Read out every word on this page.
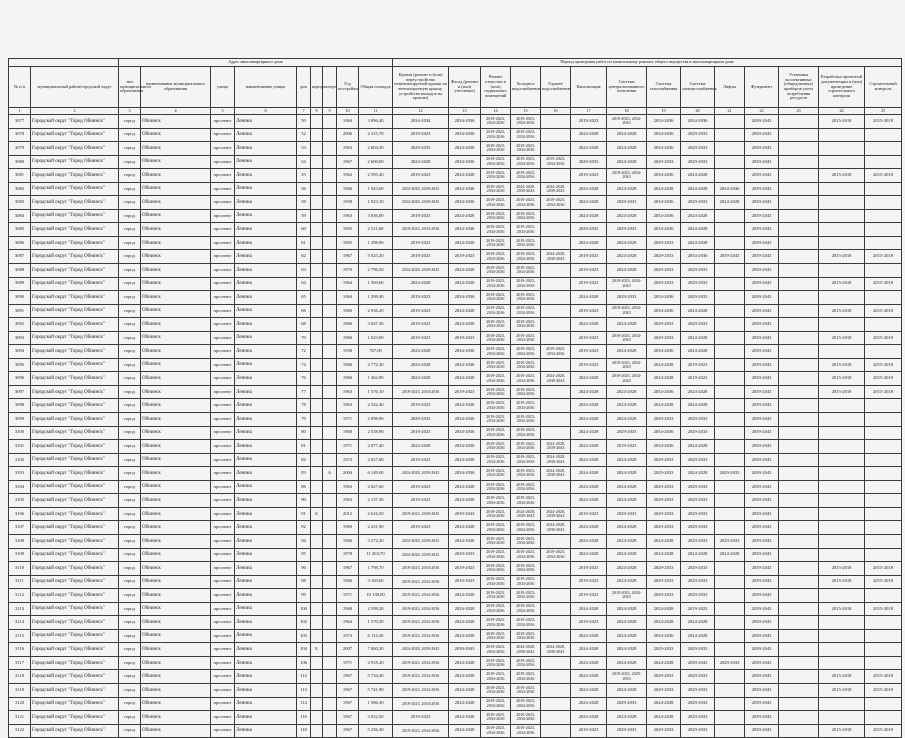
		Адрес многоквартирного дома									Период проведения работ по капитальному ремонту общего имущества в многоквартирном доме													
№ п/п	муниципальный район/городской округ	тип муниципального образования	наименование муниципального образования	улица	наименование улицы	дом	корпус	литера	Год постройки	Общая площадь	Кровля (ремонт и (или) переустройство невентилируемой крыши на вентилируемую крышу, устройство выходов на кровлю)	Фасад (ремонт и (или) утепление)	Ремонт отмостки и (или) подвальных помещений	Холодное водоснабжение	Горячее водоснабжение	Канализация	Система централизованного отопления	Система газоснабжения	Система электроснабжения	Лифты	Фундамент	Установка коллективных (общедомовых) приборов учета потребления ресурсов	Разработка проектной документации и (или) проведение строительного контроля	Строительный контроль
1	2	3	4	5	6	7	8	9	10	11	12	13	14	15	16	17	18	19	20	21	22	23	24	25
3077	Городской округ "Город Обнинск"	город	Обнинск	проспект	Ленина	50			1964	3 096,40	2034-2034	2034-2036	2019-2023, 2034-2036	2019-2023, 2034-2036		2019-2023	2019-2023, 2034-2043	2034-2036	2034-2036		2039-2043		2015-2018	2015-2018
3078	Городской округ "Город Обнинск"	город	Обнинск	проспект	Ленина	52			2006	2 315,70	2019-2023	2034-2036	2019-2023, 2034-2036	2019-2023, 2034-2036		2024-2028	2024-2028	2034-2036	2029-2033		2039-2043			
3079	Городской округ "Город Обнинск"	город	Обнинск	проспект	Ленина	53			1963	2 604,50	2029-2033	2024-2028	2019-2023, 2034-2036	2019-2023, 2034-2036		2024-2028	2024-2028	2034-2036	2029-2033		2039-2043			
3080	Городской округ "Город Обнинск"	город	Обнинск	проспект	Ленина	54			1967	2 600,00	2024-2028	2034-2036	2019-2023, 2034-2036	2019-2023, 2034-2036	2019-2023, 2034-2036	2029-2033	2024-2028	2029-2033	2029-2033		2039-2043			
3081	Городской округ "Город Обнинск"	город	Обнинск	проспект	Ленина	55			1962	2 595,40	2019-2023	2024-2028	2019-2023, 2034-2036	2019-2023, 2034-2036		2019-2023	2019-2023, 2034-2043	2034-2036	2024-2028		2039-2043		2015-2018	2015-2018
3082	Городской округ "Город Обнинск"	город	Обнинск	проспект	Ленина	56			1966	1 943,00	2024-2028, 2039-2043	2034-2036	2019-2023, 2034-2036	2024-2028, 2039-2043	2024-2028, 2039-2043	2024-2028	2024-2028	2024-2028	2024-2028	2034-2036	2039-2043			
3083	Городской округ "Город Обнинск"	город	Обнинск	проспект	Ленина	58			1958	1 923,10	2024-2028, 2039-2043	2034-2036	2019-2023, 2034-2036	2019-2023, 2034-2036	2019-2023, 2034-2036	2024-2028	2029-2033	2034-2036	2029-2033	2024-2028	2039-2043			
3084	Городской округ "Город Обнинск"	город	Обнинск	проспект	Ленина	59			1963	3 036,00	2019-2023	2024-2028	2019-2023, 2034-2036	2019-2023, 2034-2036		2024-2028	2024-2028	2034-2036	2024-2028		2039-2043			
3085	Городской округ "Город Обнинск"	город	Обнинск	проспект	Ленина	60			1965	2 511,60	2019-2023, 2034-2036	2034-2036	2019-2023, 2034-2036	2019-2023, 2034-2036		2029-2033	2029-2033	2034-2036	2024-2028		2039-2043			
3086	Городской округ "Город Обнинск"	город	Обнинск	проспект	Ленина	61			1965	1 298,90	2019-2023	2024-2028	2019-2023, 2034-2036	2019-2023, 2034-2036		2024-2028	2024-2028	2029-2033	2024-2028		2039-2043			
3087	Городской округ "Город Обнинск"	город	Обнинск	проспект	Ленина	62			1967	5 025,20	2019-2023	2019-2023	2019-2023, 2034-2036	2019-2023, 2034-2036	2024-2028, 2039-2043	2019-2023	2024-2028	2029-2033	2034-2036	2039-2043	2039-2043		2015-2018	2015-2018
3088	Городской округ "Город Обнинск"	город	Обнинск	проспект	Ленина	63			1970	2 796,50	2024-2028, 2039-2043	2024-2028	2019-2023, 2034-2036	2019-2023, 2034-2036		2019-2023	2024-2028	2029-2033	2029-2033		2039-2043			
3089	Городской округ "Город Обнинск"	город	Обнинск	проспект	Ленина	64			1964	1 569,60	2024-2028	2024-2028	2019-2023, 2034-2036	2019-2023, 2034-2036		2019-2023	2019-2023, 2034-2043	2029-2033	2029-2033		2039-2043		2015-2018	2015-2018
3090	Городской округ "Город Обнинск"	город	Обнинск	проспект	Ленина	65			1964	1 298,40	2019-2023	2034-2036	2019-2023, 2034-2036	2019-2023, 2034-2036		2024-2028	2029-2033	2034-2036	2029-2033		2039-2043			
3091	Городской округ "Город Обнинск"	город	Обнинск	проспект	Ленина	66			1960	2 936,20	2019-2023	2024-2028	2019-2023, 2034-2036	2019-2023, 2034-2036		2019-2023	2019-2023, 2034-2043	2034-2036	2024-2028		2039-2043		2015-2018	2015-2018
3092	Городской округ "Город Обнинск"	город	Обнинск	проспект	Ленина	68			1960	3 047,30	2019-2023	2024-2028	2019-2023, 2034-2036	2019-2023, 2034-2036		2024-2028	2024-2028	2029-2033	2029-2033		2039-2043			
3093	Городской округ "Город Обнинск"	город	Обнинск	проспект	Ленина	70			1960	1 623,00	2019-2023	2019-2023	2019-2023, 2034-2036	2019-2023, 2034-2036		2019-2023	2019-2023, 2034-2043	2029-2033	2024-2028		2039-2043		2015-2018	2015-2018
3094	Городской округ "Город Обнинск"	город	Обнинск	проспект	Ленина	72			1958	767,00	2024-2028	2034-2036	2019-2023, 2034-2036	2019-2023, 2034-2036	2019-2023, 2034-2036	2019-2023	2024-2028	2034-2036	2024-2028		2039-2043			
3095	Городской округ "Город Обнинск"	город	Обнинск	проспект	Ленина	74			1960	2 772,30	2024-2028	2034-2036	2019-2023, 2034-2036	2019-2023, 2034-2036		2019-2023	2019-2023, 2034-2043	2024-2028	2019-2023		2039-2043		2015-2018	2015-2018
3096	Городской округ "Город Обнинск"	город	Обнинск	проспект	Ленина	76			1960	1 362,90	2024-2028	2024-2028	2019-2023, 2034-2036	2019-2023, 2034-2036	2024-2028, 2039-2043	2024-2028	2019-2023, 2034-2043	2024-2028	2019-2023		2039-2043		2015-2018	2015-2018
3097	Городской округ "Город Обнинск"	город	Обнинск	проспект	Ленина	77			1963	1 576,10	2019-2023, 2034-2036	2019-2023	2019-2023, 2034-2036	2019-2023, 2034-2036		2024-2028	2024-2028	2034-2036	2024-2028		2039-2043		2015-2018	2015-2018
3098	Городской округ "Город Обнинск"	город	Обнинск	проспект	Ленина	78			1963	2 542,40	2019-2023	2024-2028	2019-2023, 2034-2036	2019-2023, 2034-2036		2024-2028	2024-2028	2024-2028	2024-2028		2039-2043			
3099	Городской округ "Город Обнинск"	город	Обнинск	проспект	Ленина	79			1971	2 098,90	2029-2033	2034-2036	2019-2023, 2034-2036	2019-2023, 2034-2036		2024-2028	2024-2028	2029-2033	2029-2033		2039-2043			
3100	Городской округ "Город Обнинск"	город	Обнинск	проспект	Ленина	80			1960	2 538,90	2019-2023	2034-2036	2019-2023, 2034-2036	2019-2023, 2034-2036		2024-2028	2029-2033	2034-2036	2029-2033		2039-2043			
3101	Городской округ "Город Обнинск"	город	Обнинск	проспект	Ленина	81			1971	2 077,40	2024-2028	2034-2036	2019-2023, 2034-2036	2019-2023, 2034-2036	2024-2028, 2039-2043	2024-2028	2019-2023	2034-2036	2024-2028		2039-2043			
3102	Городской округ "Город Обнинск"	город	Обнинск	проспект	Ленина	82			1972	2 027,60	2019-2023	2024-2028	2019-2023, 2034-2036	2019-2023, 2034-2036	2024-2028, 2039-2043	2024-2028	2024-2028	2029-2033	2029-2033		2039-2043			
3103	Городской округ "Город Обнинск"	город	Обнинск	проспект	Ленина	83		А	2004	6 149,00	2024-2028, 2039-2043	2034-2036	2019-2023, 2034-2036	2019-2023, 2034-2036	2024-2028, 2039-2043	2024-2028	2024-2028	2029-2033	2024-2028	2029-2033	2039-2043			
3104	Городской округ "Город Обнинск"	город	Обнинск	проспект	Ленина	86			1963	2 027,60	2019-2023	2024-2028	2019-2023, 2034-2036	2019-2023, 2034-2036		2024-2028	2024-2028	2029-2033	2029-2033		2039-2043			
3105	Городской округ "Город Обнинск"	город	Обнинск	проспект	Ленина	90			1963	2 137,30	2019-2023	2024-2028	2019-2023, 2034-2036	2019-2023, 2034-2036		2024-2028	2024-2028	2029-2033	2029-2033		2039-2043			
3106	Городской округ "Город Обнинск"	город	Обнинск	проспект	Ленина	91	Б		2012	2 616,50	2019-2023, 2039-2043	2039-2043	2019-2023, 2034-2036	2024-2028, 2039-2043	2024-2028, 2039-2043	2019-2023	2029-2033	2029-2033	2029-2033		2039-2043			
3107	Городской округ "Город Обнинск"	город	Обнинск	проспект	Ленина	92			1969	2 231,90	2019-2023	2024-2028	2019-2023, 2034-2036	2019-2023, 2034-2036	2024-2028, 2039-2043	2024-2028	2024-2028	2029-2033	2029-2033		2039-2043			
3108	Городской округ "Город Обнинск"	город	Обнинск	проспект	Ленина	94			1966	3 272,20	2024-2028, 2039-2043	2024-2028	2019-2023, 2034-2036	2019-2023, 2034-2036		2024-2028	2024-2028	2024-2028	2029-2033	2029-2033	2039-2043			
3109	Городской округ "Город Обнинск"	город	Обнинск	проспект	Ленина	95			1978	11 263,70	2024-2028, 2039-2043	2029-2033	2019-2023, 2034-2036	2019-2023, 2034-2036	2019-2023, 2034-2036	2024-2028	2024-2028	2024-2028	2024-2028	2024-2028	2039-2043			
3110	Городской округ "Город Обнинск"	город	Обнинск	проспект	Ленина	96			1967	1 798,70	2019-2023, 2034-2036	2019-2023	2019-2023, 2034-2036	2019-2023, 2034-2036		2019-2023	2024-2028	2029-2033	2029-2033		2039-2043		2015-2018	2015-2018
3111	Городской округ "Город Обнинск"	город	Обнинск	проспект	Ленина	98			1966	3 169,60	2019-2023, 2034-2036	2019-2023	2019-2023, 2034-2036	2019-2023, 2034-2036		2019-2023	2024-2028	2029-2033	2029-2033		2039-2043		2015-2018	2015-2018
3112	Городской округ "Город Обнинск"	город	Обнинск	проспект	Ленина	99			1971	10 138,00	2019-2023, 2034-2036	2024-2028	2019-2023, 2034-2036	2019-2023, 2034-2036		2019-2023	2019-2023, 2034-2043	2029-2033	2029-2033		2039-2043			
3113	Городской округ "Город Обнинск"	город	Обнинск	проспект	Ленина	100			1968	2 598,20	2019-2023, 2034-2036	2024-2028	2019-2023, 2034-2036	2019-2023, 2034-2036		2024-2028	2024-2028	2024-2028	2019-2023		2039-2043		2015-2018	2015-2018
3114	Городской округ "Город Обнинск"	город	Обнинск	проспект	Ленина	102			1964	1 570,50	2019-2023, 2034-2036	2024-2028	2019-2023, 2034-2036	2019-2023, 2034-2036		2019-2023	2024-2028	2024-2028	2024-2028		2039-2043			
3115	Городской округ "Город Обнинск"	город	Обнинск	проспект	Ленина	103			1974	6 114,30	2019-2023, 2034-2036	2024-2028	2019-2023, 2034-2036	2019-2023, 2034-2036		2024-2028	2024-2028	2034-2036	2024-2028		2039-2043			
3116	Городской округ "Город Обнинск"	город	Обнинск	проспект	Ленина	104	Б		2007	7 060,20	2024-2028, 2039-2043	2039-2043	2019-2023, 2034-2036	2024-2028, 2039-2043	2024-2028, 2039-2043	2024-2028	2024-2028	2029-2033	2029-2033		2039-2043			
3117	Городской округ "Город Обнинск"	город	Обнинск	проспект	Ленина	106			1971	2 918,20	2019-2023, 2034-2036	2024-2028	2019-2023, 2034-2036	2019-2023, 2034-2036		2024-2028	2024-2028	2024-2028	2039-2043	2029-2033	2039-2043			
3118	Городской округ "Город Обнинск"	город	Обнинск	проспект	Ленина	112			1967	5 734,40	2019-2023, 2034-2036	2024-2028	2019-2023, 2034-2036	2019-2023, 2034-2036		2024-2028	2019-2023, 2029-2033	2029-2033	2029-2033		2039-2043		2015-2018	2015-2018
3119	Городской округ "Город Обнинск"	город	Обнинск	проспект	Ленина	113			1967	5 741,90	2019-2023, 2034-2036	2024-2028	2019-2023, 2034-2036	2019-2023, 2034-2036		2024-2028	2024-2028	2029-2033	2029-2033		2039-2043		2015-2018	2015-2018
3120	Городской округ "Город Обнинск"	город	Обнинск	проспект	Ленина	114			1967	1 586,30	2019-2023, 2034-2036	2024-2028	2019-2023, 2034-2036	2019-2023, 2034-2036		2024-2028	2029-2033	2024-2028	2029-2033		2039-2043			
3121	Городской округ "Город Обнинск"	город	Обнинск	проспект	Ленина	116			1967	3 022,50	2019-2023	2024-2028	2019-2023, 2034-2036	2019-2023, 2034-2036		2024-2028	2024-2028	2024-2028	2029-2033		2039-2043			
3122	Городской округ "Город Обнинск"	город	Обнинск	проспект	Ленина	118			1967	5 256,30	2019-2023, 2034-2036	2024-2028	2019-2023, 2034-2036	2019-2023, 2034-2036		2019-2023	2029-2033	2029-2033	2029-2033		2039-2043		2015-2018	2015-2018
